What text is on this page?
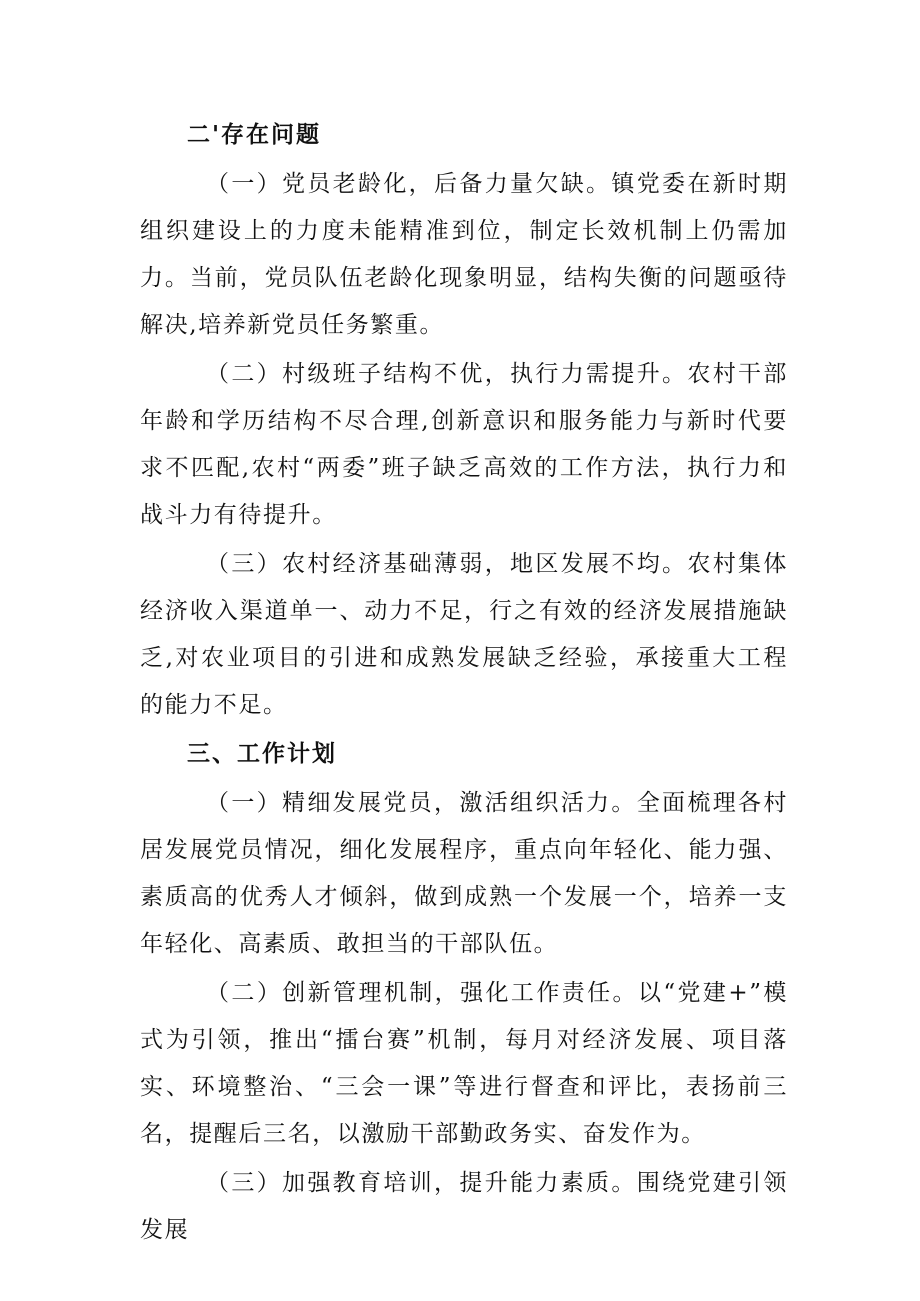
二'存在问题

（一）党员老龄化，后备力量欠缺。镇党委在新时期组织建设上的力度未能精准到位，制定长效机制上仍需加力。当前，党员队伍老龄化现象明显，结构失衡的问题亟待解决,培养新党员任务繁重。

（二）村级班子结构不优，执行力需提升。农村干部年龄和学历结构不尽合理,创新意识和服务能力与新时代要求不匹配,农村“两委”班子缺乏高效的工作方法，执行力和战斗力有待提升。

（三）农村经济基础薄弱，地区发展不均。农村集体经济收入渠道单一、动力不足，行之有效的经济发展措施缺乏,对农业项目的引进和成熟发展缺乏经验，承接重大工程的能力不足。

三、工作计划

（一）精细发展党员，激活组织活力。全面梳理各村居发展党员情况，细化发展程序，重点向年轻化、能力强、素质高的优秀人才倾斜，做到成熟一个发展一个，培养一支年轻化、高素质、敢担当的干部队伍。

（二）创新管理机制，强化工作责任。以“党建+”模式为引领，推出“擂台赛”机制，每月对经济发展、项目落实、环境整治、“三会一课”等进行督查和评比，表扬前三名，提醒后三名，以激励干部勤政务实、奋发作为。

（三）加强教育培训，提升能力素质。围绕党建引领发展
